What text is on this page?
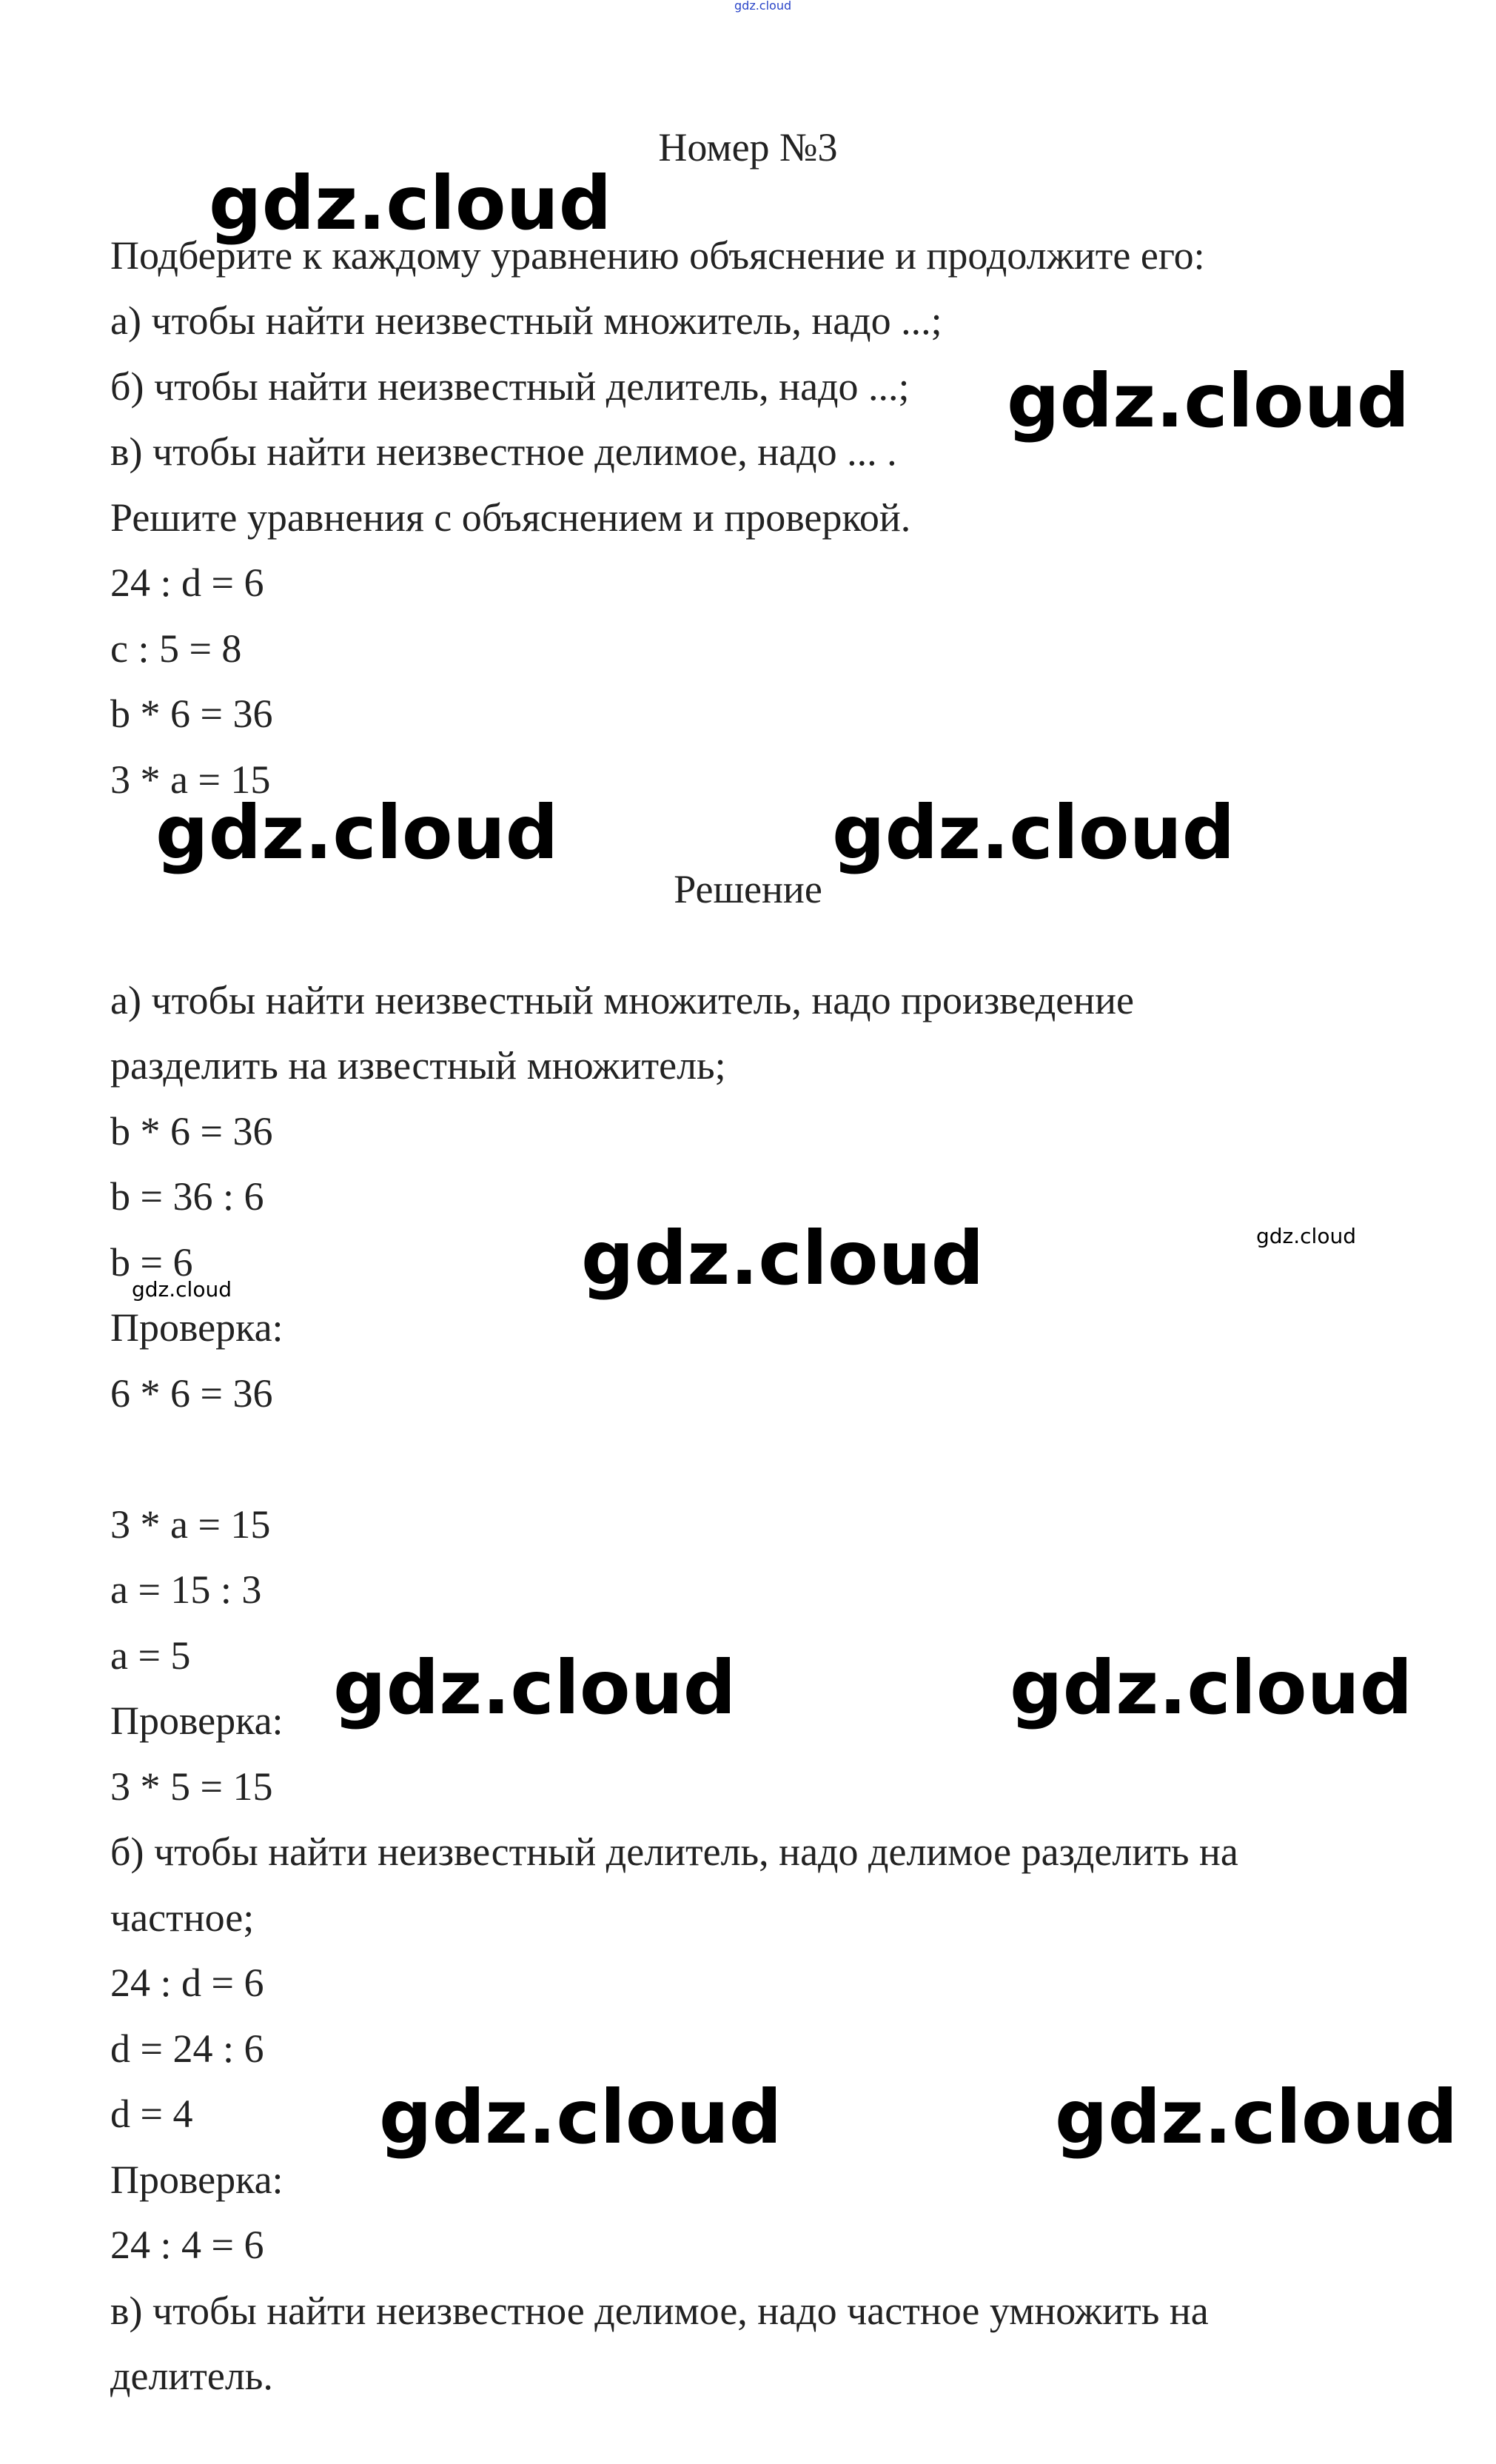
gdz.cloud

Номер №3

Подберите к каждому уравнению объяснение и продолжите его:

а) чтобы найти неизвестный множитель, надо ...;

б) чтобы найти неизвестный делитель, надо ...;

в) чтобы найти неизвестное делимое, надо ... .

Решите уравнения с объяснением и проверкой.

24 : d = 6

c : 5 = 8

b * 6 = 36

3 * a = 15

Решение

а) чтобы найти неизвестный множитель, надо произведение

разделить на известный множитель;

b * 6 = 36

b = 36 : 6

b = 6

Проверка:

6 * 6 = 36

3 * a = 15

a = 15 : 3

a = 5

Проверка:

3 * 5 = 15

б) чтобы найти неизвестный делитель, надо делимое разделить на

частное;

24 : d = 6

d = 24 : 6

d = 4

Проверка:

24 : 4 = 6

в) чтобы найти неизвестное делимое, надо частное умножить на

делитель.

gdz.cloud
gdz.cloud
gdz.cloud	gdz.cloud
gdz.cloud	gdz.cloud
gdz.cloud
gdz.cloud	gdz.cloud
gdz.cloud	gdz.cloud
